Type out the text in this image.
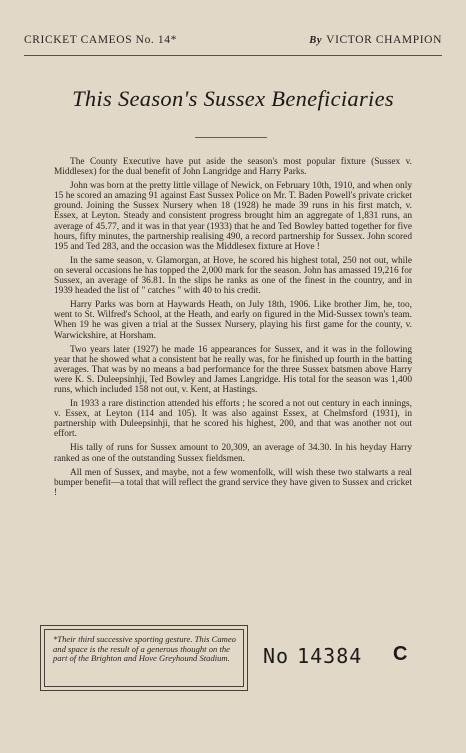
CRICKET CAMEOS No. 14*	By VICTOR CHAMPION
This Season's Sussex Beneficiaries

The County Executive have put aside the season's most popular fixture (Sussex v. Middlesex) for the dual benefit of John Langridge and Harry Parks.

John was born at the pretty little village of Newick, on February 10th, 1910, and when only 15 he scored an amazing 91 against East Sussex Police on Mr. T. Baden Powell's private cricket ground. Joining the Sussex Nursery when 18 (1928) he made 39 runs in his first match, v. Essex, at Leyton. Steady and consistent progress brought him an aggregate of 1,831 runs, an average of 45.77, and it was in that year (1933) that he and Ted Bowley batted together for five hours, fifty minutes, the partnership realising 490, a record partnership for Sussex. John scored 195 and Ted 283, and the occasion was the Middlesex fixture at Hove !

In the same season, v. Glamorgan, at Hove, he scored his highest total, 250 not out, while on several occasions he has topped the 2,000 mark for the season. John has amassed 19,216 for Sussex, an average of 36.81. In the slips he ranks as one of the finest in the country, and in 1939 headed the list of " catches " with 40 to his credit.

Harry Parks was born at Haywards Heath, on July 18th, 1906. Like brother Jim, he, too, went to St. Wilfred's School, at the Heath, and early on figured in the Mid-Sussex town's team. When 19 he was given a trial at the Sussex Nursery, playing his first game for the county, v. Warwickshire, at Horsham.

Two years later (1927) he made 16 appearances for Sussex, and it was in the following year that he showed what a consistent bat he really was, for he finished up fourth in the batting averages. That was by no means a bad performance for the three Sussex batsmen above Harry were K. S. Duleepsinhji, Ted Bowley and James Langridge. His total for the season was 1,400 runs, which included 158 not out, v. Kent, at Hastings.

In 1933 a rare distinction attended his efforts ; he scored a not out century in each innings, v. Essex, at Leyton (114 and 105). It was also against Essex, at Chelmsford (1931), in partnership with Duleepsinhji, that he scored his highest, 200, and that was another not out effort.

His tally of runs for Sussex amount to 20,309, an average of 34.30. In his heyday Harry ranked as one of the outstanding Sussex fieldsmen.

All men of Sussex, and maybe, not a few womenfolk, will wish these two stalwarts a real bumper benefit—a total that will reflect the grand service they have given to Sussex and cricket !

*Their third successive sporting gesture. This Cameo and space is the result of a generous thought on the part of the Brighton and Hove Greyhound Stadium.	No 14384 C
